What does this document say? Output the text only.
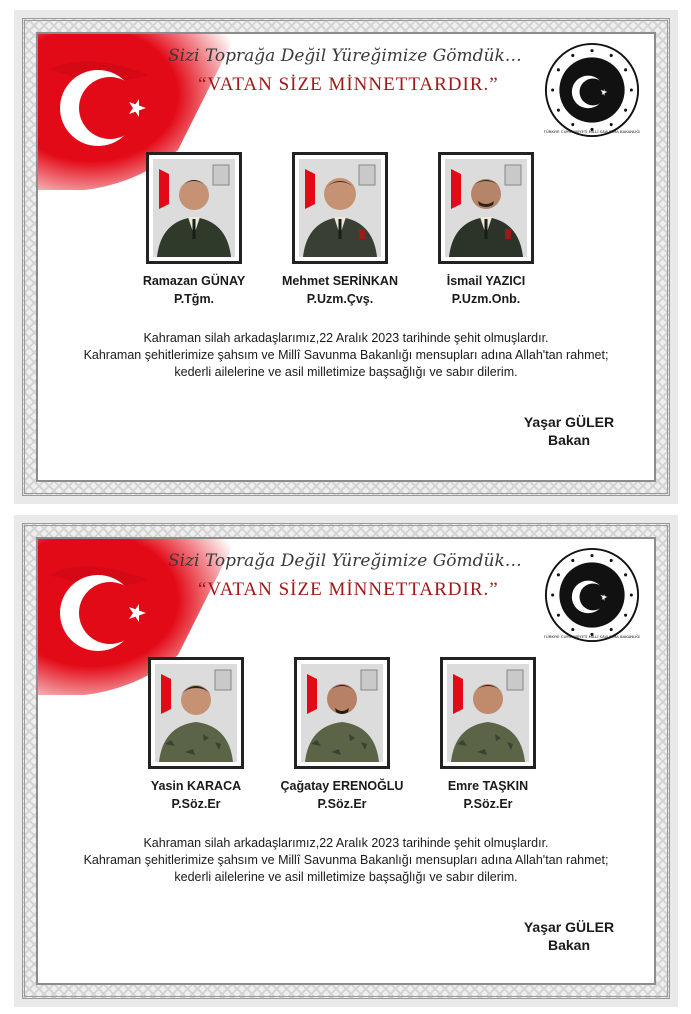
Sizi Toprağa Değil Yüreğimize Gömdük…
“VATAN SİZE MİNNETTARDIR.”
TÜRKİYE CUMHURİYETİ MİLLÎ SAVUNMA BAKANLIĞI
Ramazan GÜNAY
P.Tğm.
Mehmet SERİNKAN
P.Uzm.Çvş.
İsmail YAZICI
P.Uzm.Onb.
Kahraman silah arkadaşlarımız,22 Aralık 2023 tarihinde şehit olmuşlardır.
Kahraman şehitlerimize şahsım ve Millî Savunma Bakanlığı mensupları adına Allah'tan rahmet;
kederli ailelerine ve asil milletimize başsağlığı ve sabır dilerim.
Yaşar GÜLER
Bakan
Sizi Toprağa Değil Yüreğimize Gömdük…
“VATAN SİZE MİNNETTARDIR.”
TÜRKİYE CUMHURİYETİ MİLLÎ SAVUNMA BAKANLIĞI
Yasin KARACA
P.Söz.Er
Çağatay ERENOĞLU
P.Söz.Er
Emre TAŞKIN
P.Söz.Er
Kahraman silah arkadaşlarımız,22 Aralık 2023 tarihinde şehit olmuşlardır.
Kahraman şehitlerimize şahsım ve Millî Savunma Bakanlığı mensupları adına Allah'tan rahmet;
kederli ailelerine ve asil milletimize başsağlığı ve sabır dilerim.
Yaşar GÜLER
Bakan
